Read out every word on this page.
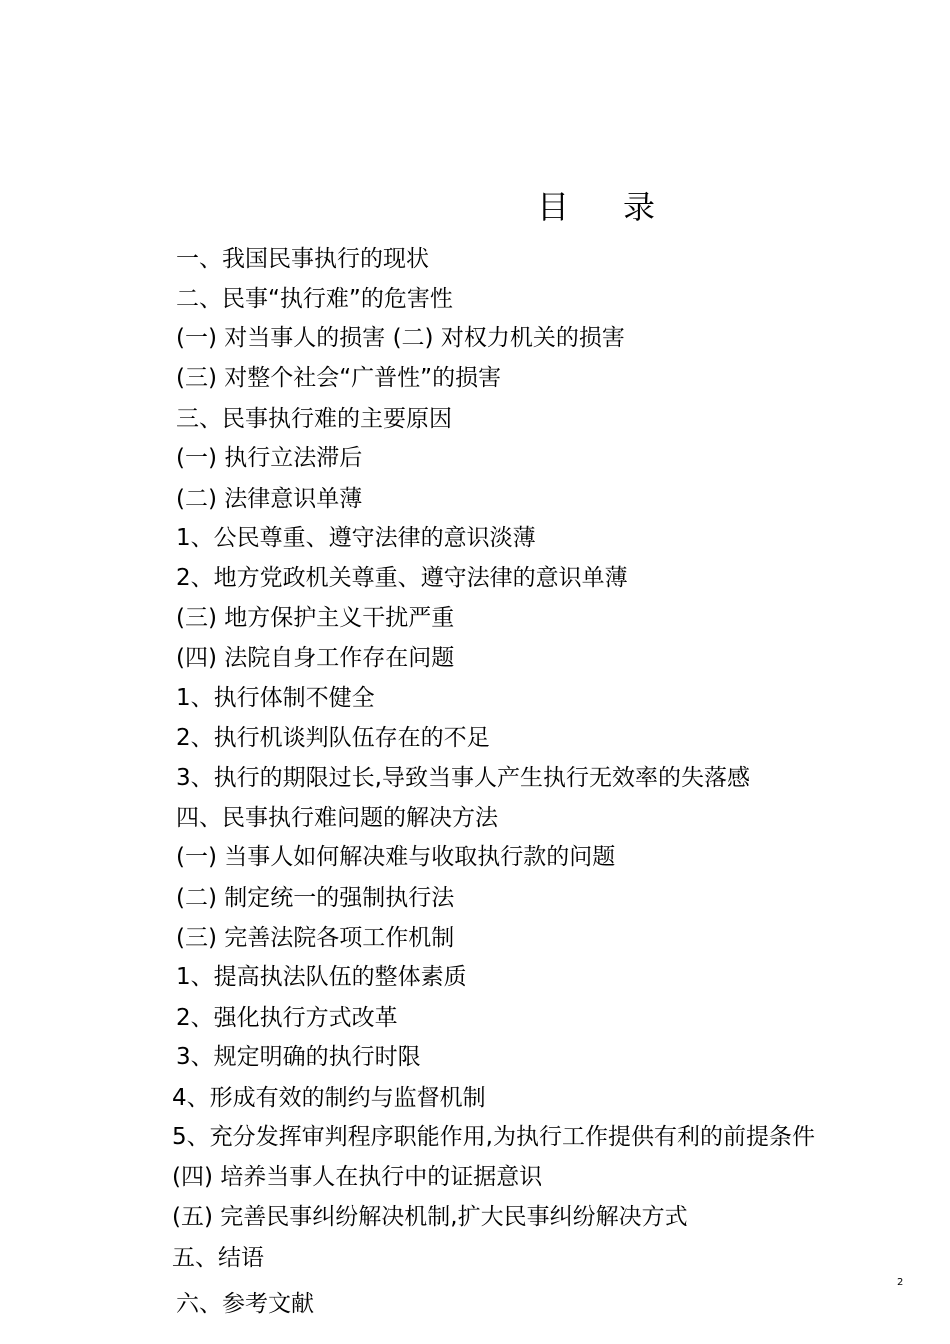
目录
一、我国民事执行的现状
二、民事“执行难”的危害性
(一) 对当事人的损害 (二) 对权力机关的损害
(三) 对整个社会“广普性”的损害
三、民事执行难的主要原因
(一) 执行立法滞后
(二) 法律意识单薄
1、公民尊重、遵守法律的意识淡薄
2、地方党政机关尊重、遵守法律的意识单薄
(三) 地方保护主义干扰严重
(四) 法院自身工作存在问题
1、执行体制不健全
2、执行机谈判队伍存在的不足
3、执行的期限过长,导致当事人产生执行无效率的失落感
四、民事执行难问题的解决方法
(一) 当事人如何解决难与收取执行款的问题
(二) 制定统一的强制执行法
(三) 完善法院各项工作机制
1、提高执法队伍的整体素质
2、强化执行方式改革
3、规定明确的执行时限
4、形成有效的制约与监督机制
5、充分发挥审判程序职能作用,为执行工作提供有利的前提条件
(四) 培养当事人在执行中的证据意识
(五) 完善民事纠纷解决机制,扩大民事纠纷解决方式
五、结语
六、参考文献
2
